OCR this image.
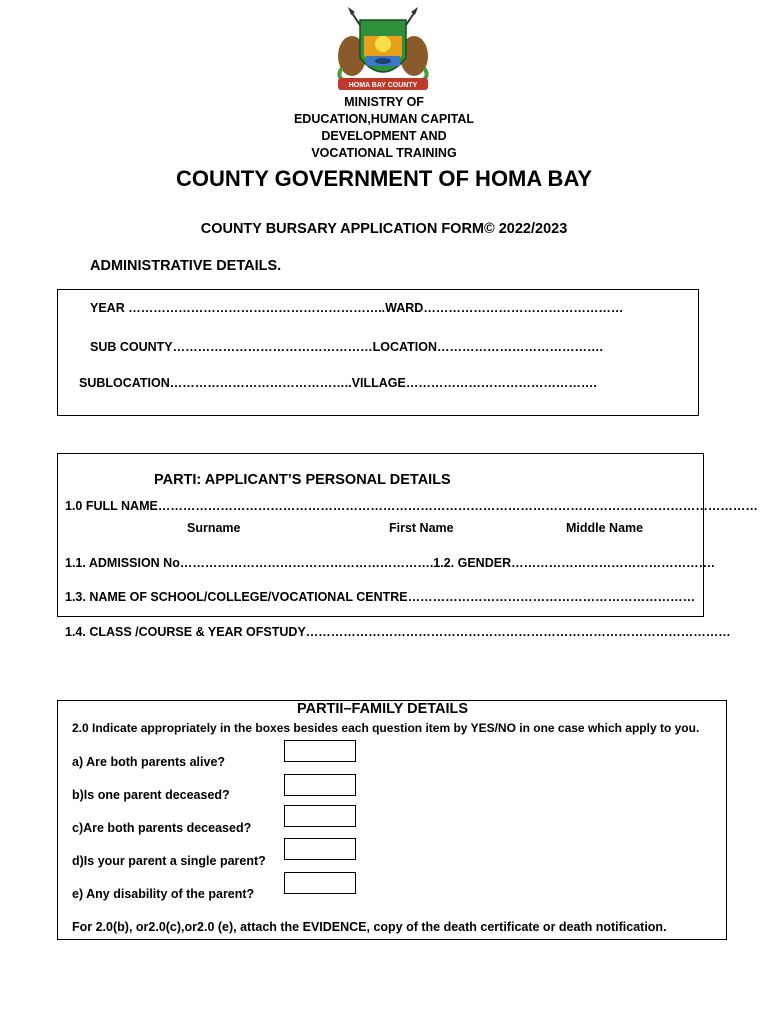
HOMA BAY COUNTY
MINISTRY OF
EDUCATION,HUMAN CAPITAL
DEVELOPMENT AND
VOCATIONAL TRAINING
COUNTY GOVERNMENT OF HOMA BAY
COUNTY BURSARY APPLICATION FORM© 2022/2023
ADMINISTRATIVE DETAILS.
YEAR ……………………………………………………..WARD…………………………………………
SUB COUNTY…………………………………………LOCATION………………………………….
SUBLOCATION……………………………………..VILLAGE……………………………………….
PARTI: APPLICANT’S PERSONAL DETAILS
1.0 FULL NAME………………………………………………………………………………………………………………………………
Surname	First Name	Middle Name
1.1. ADMISSION No…………………………………………………….1.2. GENDER………………………………………….
1.3. NAME OF SCHOOL/COLLEGE/VOCATIONAL CENTRE……………………………………………………………
1.4. CLASS /COURSE & YEAR OFSTUDY…………………………………………………………………………………………
PARTII–FAMILY DETAILS
2.0 Indicate appropriately in the boxes besides each question item by YES/NO in one case which apply to you.
a) Are both parents alive?
b)Is one parent deceased?
c)Are both parents deceased?
d)Is your parent a single parent?
e) Any disability of the parent?
For 2.0(b), or2.0(c),or2.0 (e), attach the EVIDENCE, copy of the death certificate or death notification.
